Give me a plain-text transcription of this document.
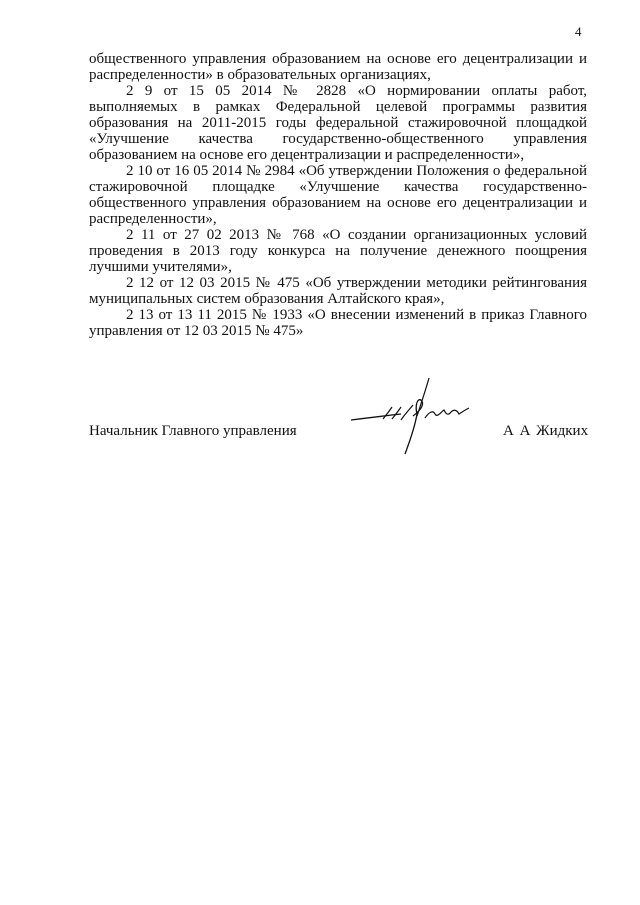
4

общественного управления образованием на основе его децентрализации и распределенности» в образовательных организациях,

2 9 от 15 05 2014 № 2828 «О нормировании оплаты работ, выполняемых в рамках Федеральной целевой программы развития образования на 2011-2015 годы федеральной стажировочной площадкой «Улучшение качества государственно-общественного управления образованием на основе его децентрализации и распределенности»,

2 10 от 16 05 2014 № 2984 «Об утверждении Положения о федеральной стажировочной площадке «Улучшение качества государственно-общественного управления образованием на основе его децентрализации и распределенности»,

2 11 от 27 02 2013 № 768 «О создании организационных условий проведения в 2013 году конкурса на получение денежного поощрения лучшими учителями»,

2 12 от 12 03 2015 № 475 «Об утверждении методики рейтингования муниципальных систем образования Алтайского края»,

2 13 от 13 11 2015 № 1933 «О внесении изменений в приказ Главного управления от 12 03 2015 № 475»

Начальник Главного управления	А А Жидких
